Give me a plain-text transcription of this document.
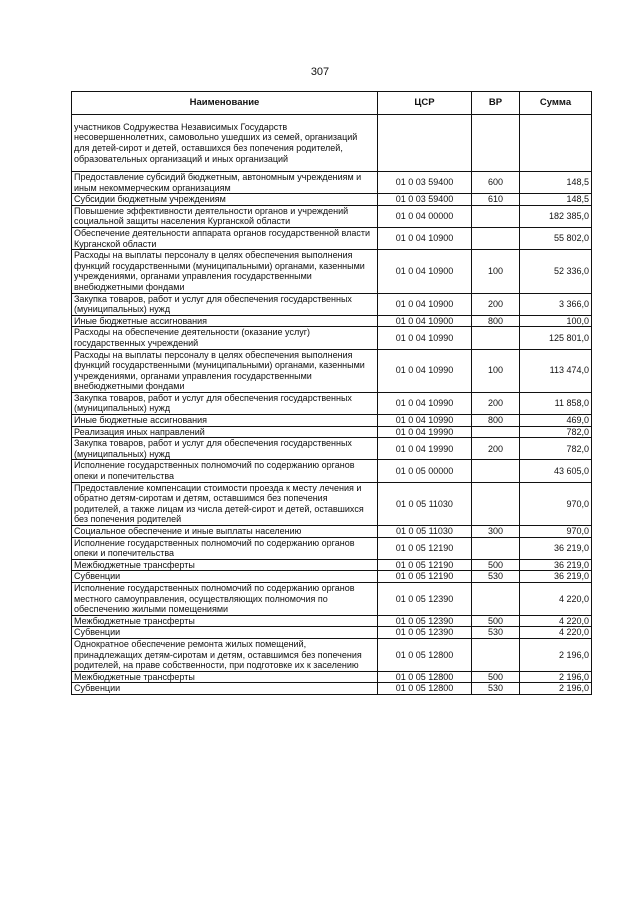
307
Наименование	ЦСР	ВР	Сумма
участников Содружества Независимых Государств несовершеннолетних, самовольно ушедших из семей, организаций для детей-сирот и детей, оставшихся без попечения родителей, образовательных организаций и иных организаций			
Предоставление субсидий бюджетным, автономным учреждениям и иным некоммерческим организациям	01 0 03 59400	600	148,5
Субсидии бюджетным учреждениям	01 0 03 59400	610	148,5
Повышение эффективности деятельности органов и учреждений социальной защиты населения Курганской области	01 0 04 00000		182 385,0
Обеспечение деятельности аппарата органов государственной власти Курганской области	01 0 04 10900		55 802,0
Расходы на выплаты персоналу в целях обеспечения выполнения функций государственными (муниципальными) органами, казенными учреждениями, органами управления государственными внебюджетными фондами	01 0 04 10900	100	52 336,0
Закупка товаров, работ и услуг для обеспечения государственных (муниципальных) нужд	01 0 04 10900	200	3 366,0
Иные бюджетные ассигнования	01 0 04 10900	800	100,0
Расходы на обеспечение деятельности (оказание услуг) государственных учреждений	01 0 04 10990		125 801,0
Расходы на выплаты персоналу в целях обеспечения выполнения функций государственными (муниципальными) органами, казенными учреждениями, органами управления государственными внебюджетными фондами	01 0 04 10990	100	113 474,0
Закупка товаров, работ и услуг для обеспечения государственных (муниципальных) нужд	01 0 04 10990	200	11 858,0
Иные бюджетные ассигнования	01 0 04 10990	800	469,0
Реализация иных направлений	01 0 04 19990		782,0
Закупка товаров, работ и услуг для обеспечения государственных (муниципальных) нужд	01 0 04 19990	200	782,0
Исполнение государственных полномочий по содержанию органов опеки и попечительства	01 0 05 00000		43 605,0
Предоставление компенсации стоимости проезда к месту лечения и обратно детям-сиротам и детям, оставшимся без попечения родителей, а также лицам из числа детей-сирот и детей, оставшихся без попечения родителей	01 0 05 11030		970,0
Социальное обеспечение и иные выплаты населению	01 0 05 11030	300	970,0
Исполнение государственных полномочий по содержанию органов опеки и попечительства	01 0 05 12190		36 219,0
Межбюджетные трансферты	01 0 05 12190	500	36 219,0
Субвенции	01 0 05 12190	530	36 219,0
Исполнение государственных полномочий по содержанию органов местного самоуправления, осуществляющих полномочия по обеспечению жилыми помещениями	01 0 05 12390		4 220,0
Межбюджетные трансферты	01 0 05 12390	500	4 220,0
Субвенции	01 0 05 12390	530	4 220,0
Однократное обеспечение ремонта жилых помещений, принадлежащих детям-сиротам и детям, оставшимся без попечения родителей, на праве собственности, при подготовке их к заселению	01 0 05 12800		2 196,0
Межбюджетные трансферты	01 0 05 12800	500	2 196,0
Субвенции	01 0 05 12800	530	2 196,0
